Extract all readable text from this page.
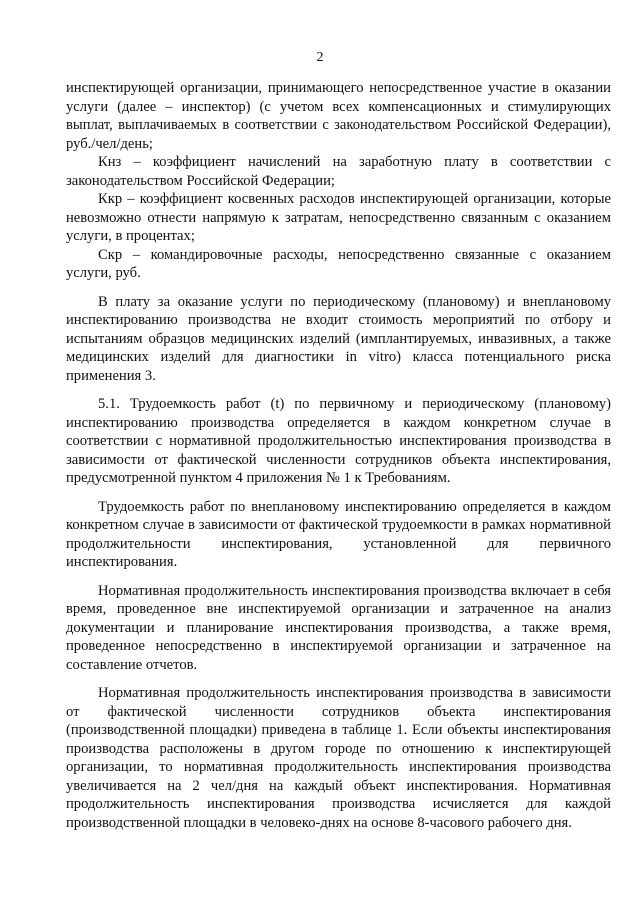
2

инспектирующей организации, принимающего непосредственное участие в оказании услуги (далее – инспектор) (с учетом всех компенсационных и стимулирующих выплат, выплачиваемых в соответствии с законодательством Российской Федерации), руб./чел/день;

Кнз – коэффициент начислений на заработную плату в соответствии с законодательством Российской Федерации;

Ккр – коэффициент косвенных расходов инспектирующей организации, которые невозможно отнести напрямую к затратам, непосредственно связанным с оказанием услуги, в процентах;

Скр – командировочные расходы, непосредственно связанные с оказанием услуги, руб.

В плату за оказание услуги по периодическому (плановому) и внеплановому инспектированию производства не входит стоимость мероприятий по отбору и испытаниям образцов медицинских изделий (имплантируемых, инвазивных, а также медицинских изделий для диагностики in vitro) класса потенциального риска применения 3.

5.1. Трудоемкость работ (t) по первичному и периодическому (плановому) инспектированию производства определяется в каждом конкретном случае в соответствии с нормативной продолжительностью инспектирования производства в зависимости от фактической численности сотрудников объекта инспектирования, предусмотренной пунктом 4 приложения № 1 к Требованиям.

Трудоемкость работ по внеплановому инспектированию определяется в каждом конкретном случае в зависимости от фактической трудоемкости в рамках нормативной продолжительности инспектирования, установленной для первичного инспектирования.

Нормативная продолжительность инспектирования производства включает в себя время, проведенное вне инспектируемой организации и затраченное на анализ документации и планирование инспектирования производства, а также время, проведенное непосредственно в инспектируемой организации и затраченное на составление отчетов.

Нормативная продолжительность инспектирования производства в зависимости от фактической численности сотрудников объекта инспектирования (производственной площадки) приведена в таблице 1. Если объекты инспектирования производства расположены в другом городе по отношению к инспектирующей организации, то нормативная продолжительность инспектирования производства увеличивается на 2 чел/дня на каждый объект инспектирования. Нормативная продолжительность инспектирования производства исчисляется для каждой производственной площадки в человеко-днях на основе 8-часового рабочего дня.
